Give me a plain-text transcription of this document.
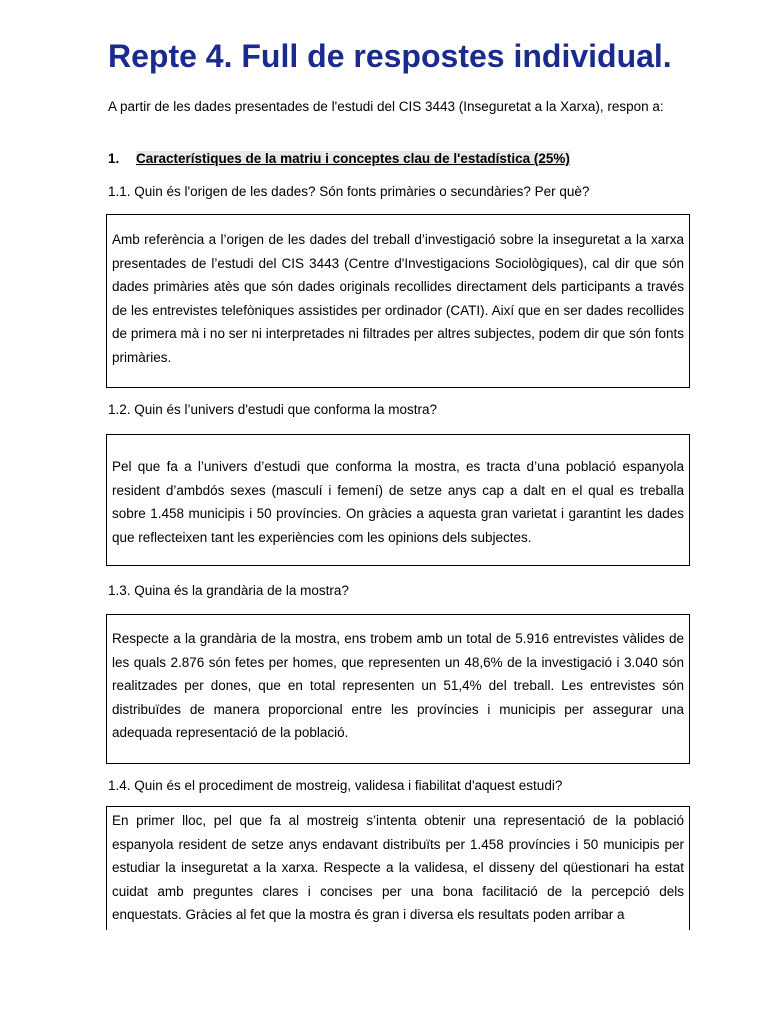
Repte 4. Full de respostes individual.

A partir de les dades presentades de l'estudi del CIS 3443 (Inseguretat a la Xarxa), respon a:

1. Característiques de la matriu i conceptes clau de l'estadística (25%)

1.1. Quin és l'origen de les dades? Són fonts primàries o secundàries? Per què?

Amb referència a l’origen de les dades del treball d’investigació sobre la inseguretat a la xarxa presentades de l’estudi del CIS 3443 (Centre d'Investigacions Sociològiques), cal dir que són dades primàries atès que són dades originals recollides directament dels participants a través de les entrevistes telefòniques assistides per ordinador (CATI). Així que en ser dades recollides de primera mà i no ser ni interpretades ni filtrades per altres subjectes, podem dir que són fonts primàries.

1.2. Quin és l’univers d'estudi que conforma la mostra?

Pel que fa a l’univers d’estudi que conforma la mostra, es tracta d’una població espanyola resident d’ambdós sexes (masculí i femení) de setze anys cap a dalt en el qual es treballa sobre 1.458 municipis i 50 províncies. On gràcies a aquesta gran varietat i garantint les dades que reflecteixen tant les experiències com les opinions dels subjectes.

1.3. Quina és la grandària de la mostra?

Respecte a la grandària de la mostra, ens trobem amb un total de 5.916 entrevistes vàlides de les quals 2.876 són fetes per homes, que representen un 48,6% de la investigació i 3.040 són realitzades per dones, que en total representen un 51,4% del treball. Les entrevistes són distribuïdes de manera proporcional entre les províncies i municipis per assegurar una adequada representació de la població.

1.4. Quin és el procediment de mostreig, validesa i fiabilitat d'aquest estudi?

En primer lloc, pel que fa al mostreig s’intenta obtenir una representació de la població espanyola resident de setze anys endavant distribuïts per 1.458 províncies i 50 municipis per estudiar la inseguretat a la xarxa. Respecte a la validesa, el disseny del qüestionari ha estat cuidat amb preguntes clares i concises per una bona facilitació de la percepció dels enquestats. Gràcies al fet que la mostra és gran i diversa els resultats poden arribar a
